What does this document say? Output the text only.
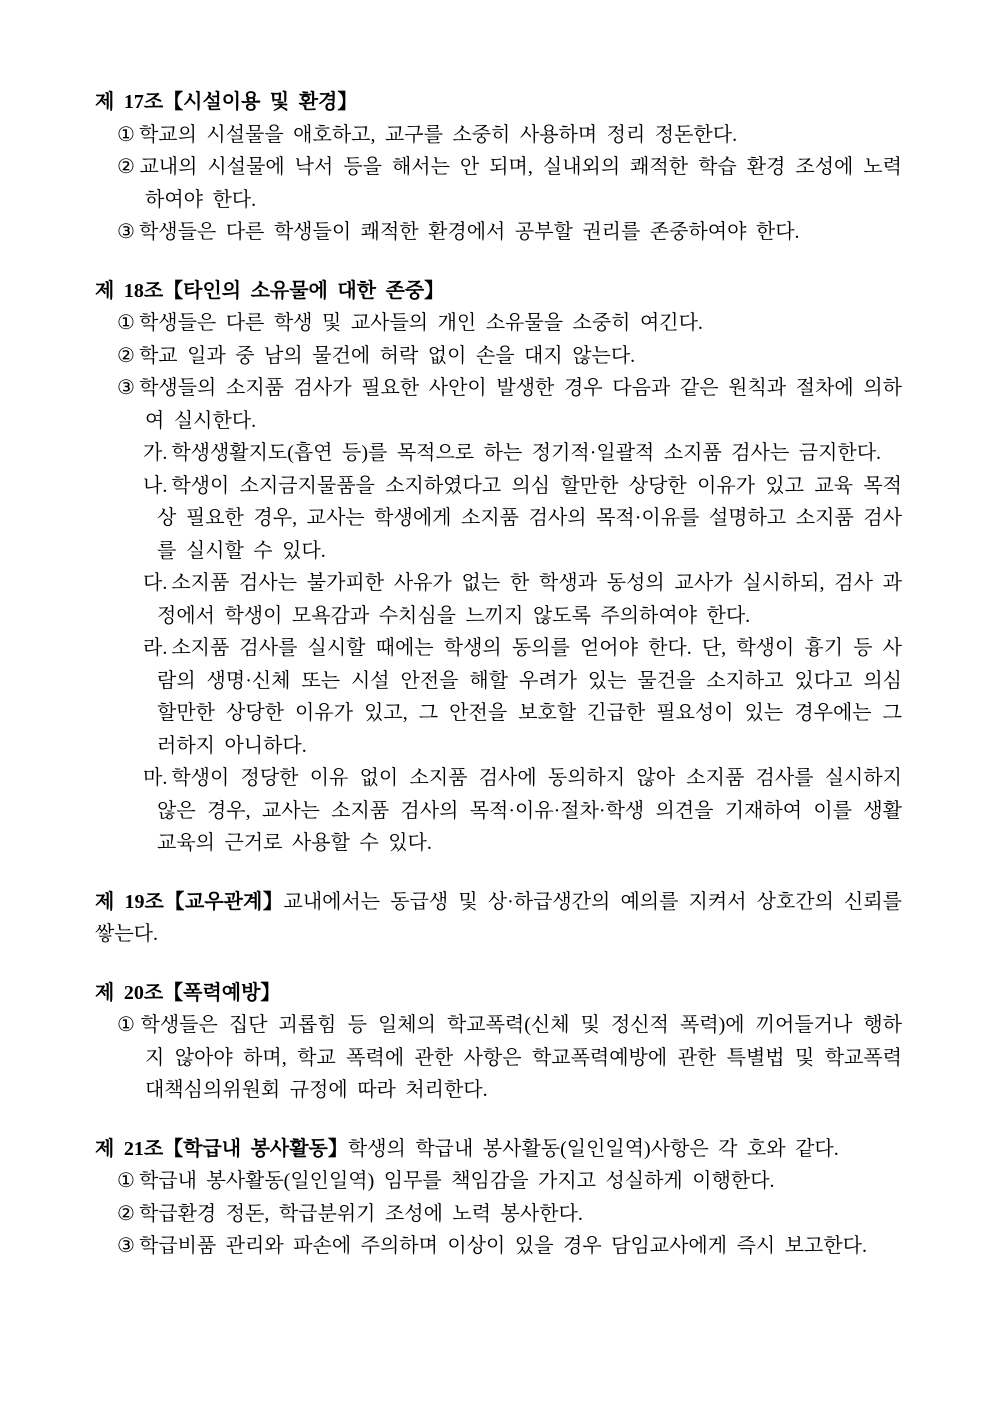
제 17조【시설이용 및 환경】

① 학교의 시설물을 애호하고, 교구를 소중히 사용하며 정리 정돈한다.

② 교내의 시설물에 낙서 등을 해서는 안 되며, 실내외의 쾌적한 학습 환경 조성에 노력하여야 한다.

③ 학생들은 다른 학생들이 쾌적한 환경에서 공부할 권리를 존중하여야 한다.

제 18조【타인의 소유물에 대한 존중】

① 학생들은 다른 학생 및 교사들의 개인 소유물을 소중히 여긴다.

② 학교 일과 중 남의 물건에 허락 없이 손을 대지 않는다.

③ 학생들의 소지품 검사가 필요한 사안이 발생한 경우 다음과 같은 원칙과 절차에 의하여 실시한다.

가. 학생생활지도(흡연 등)를 목적으로 하는 정기적·일괄적 소지품 검사는 금지한다.

나. 학생이 소지금지물품을 소지하였다고 의심 할만한 상당한 이유가 있고 교육 목적상 필요한 경우, 교사는 학생에게 소지품 검사의 목적·이유를 설명하고 소지품 검사를 실시할 수 있다.

다. 소지품 검사는 불가피한 사유가 없는 한 학생과 동성의 교사가 실시하되, 검사 과정에서 학생이 모욕감과 수치심을 느끼지 않도록 주의하여야 한다.

라. 소지품 검사를 실시할 때에는 학생의 동의를 얻어야 한다. 단, 학생이 흉기 등 사람의 생명·신체 또는 시설 안전을 해할 우려가 있는 물건을 소지하고 있다고 의심할만한 상당한 이유가 있고, 그 안전을 보호할 긴급한 필요성이 있는 경우에는 그러하지 아니하다.

마. 학생이 정당한 이유 없이 소지품 검사에 동의하지 않아 소지품 검사를 실시하지 않은 경우, 교사는 소지품 검사의 목적·이유·절차·학생 의견을 기재하여 이를 생활교육의 근거로 사용할 수 있다.

제 19조【교우관계】교내에서는 동급생 및 상·하급생간의 예의를 지켜서 상호간의 신뢰를 쌓는다.

제 20조【폭력예방】

① 학생들은 집단 괴롭힘 등 일체의 학교폭력(신체 및 정신적 폭력)에 끼어들거나 행하지 않아야 하며, 학교 폭력에 관한 사항은 학교폭력예방에 관한 특별법 및 학교폭력대책심의위원회 규정에 따라 처리한다.

제 21조【학급내 봉사활동】학생의 학급내 봉사활동(일인일역)사항은 각 호와 같다.

① 학급내 봉사활동(일인일역) 임무를 책임감을 가지고 성실하게 이행한다.

② 학급환경 정돈, 학급분위기 조성에 노력 봉사한다.

③ 학급비품 관리와 파손에 주의하며 이상이 있을 경우 담임교사에게 즉시 보고한다.
